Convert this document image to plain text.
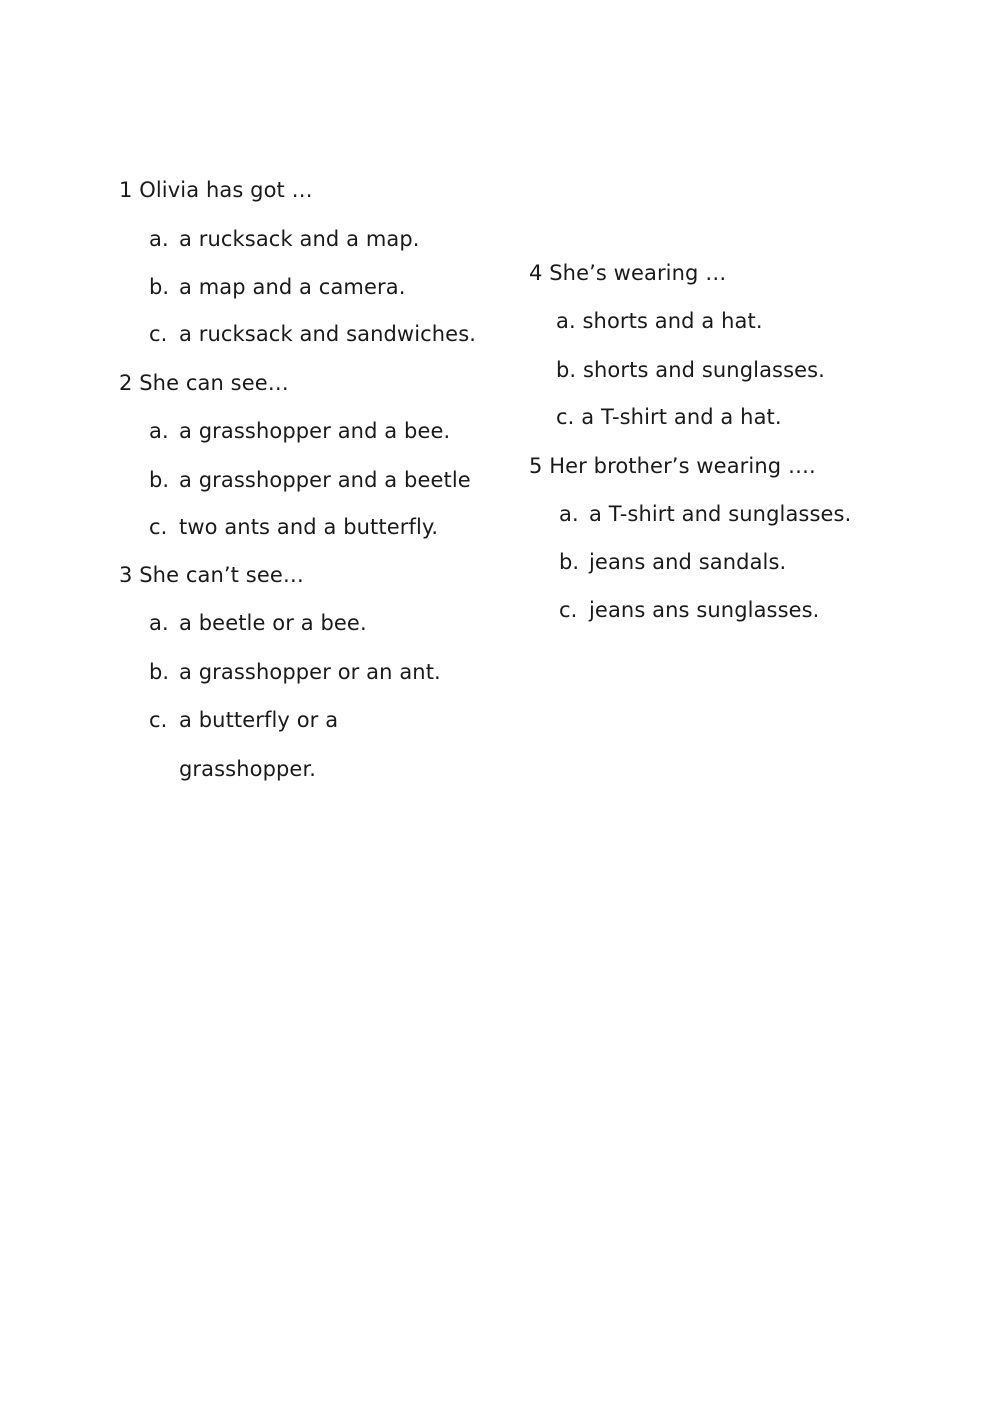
1 Olivia has got …
a. a rucksack and a map.
b. a map and a camera.
c. a rucksack and sandwiches.
2 She can see…
a. a grasshopper and a bee.
b. a grasshopper and a beetle
c. two ants and a butterfly.
3 She can’t see…
a. a beetle or a bee.
b. a grasshopper or an ant.
c. a butterfly or a
grasshopper.
4 She’s wearing …
a. shorts and a hat.
b. shorts and sunglasses.
c. a T-shirt and a hat.
5 Her brother’s wearing ….
a. a T-shirt and sunglasses.
b. jeans and sandals.
c. jeans ans sunglasses.
